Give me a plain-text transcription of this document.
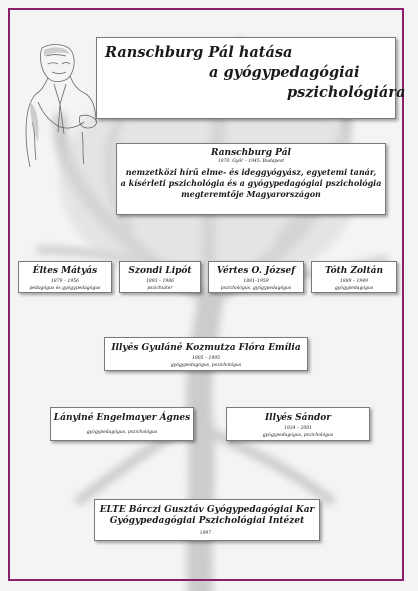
Ranschburg Pál hatása
a gyógypedagógiai
pszichológiára
Ranschburg Pál
1870. Győr – 1945. Budapest
nemzetközi hírű elme- és ideggyógyász, egyetemi tanár,
a kísérleti pszichológia és a gyógypedagógiai pszichológia
megteremtője Magyarországon
Éltes Mátyás
1879 – 1956
pedagógus és gyógypedagógus
Szondi Lipót
1893 – 1986
pszichiáter
Vértes O. József
1881–1959
pszichológus, gyógypedagógus
Tóth Zoltán
1889 – 1949
gyógypedagógus
Illyés Gyuláné Kozmutza Flóra Emília
1905 – 1995
gyógypedagógus, pszichológus
Lányiné Engelmayer Ágnes
gyógypedagógus, pszichológus
Illyés Sándor
1934 – 2001
gyógypedagógus, pszichológus
ELTE Bárczi Gusztáv Gyógypedagógiai Kar
Gyógypedagógiai Pszichológiai Intézet
1997 -
